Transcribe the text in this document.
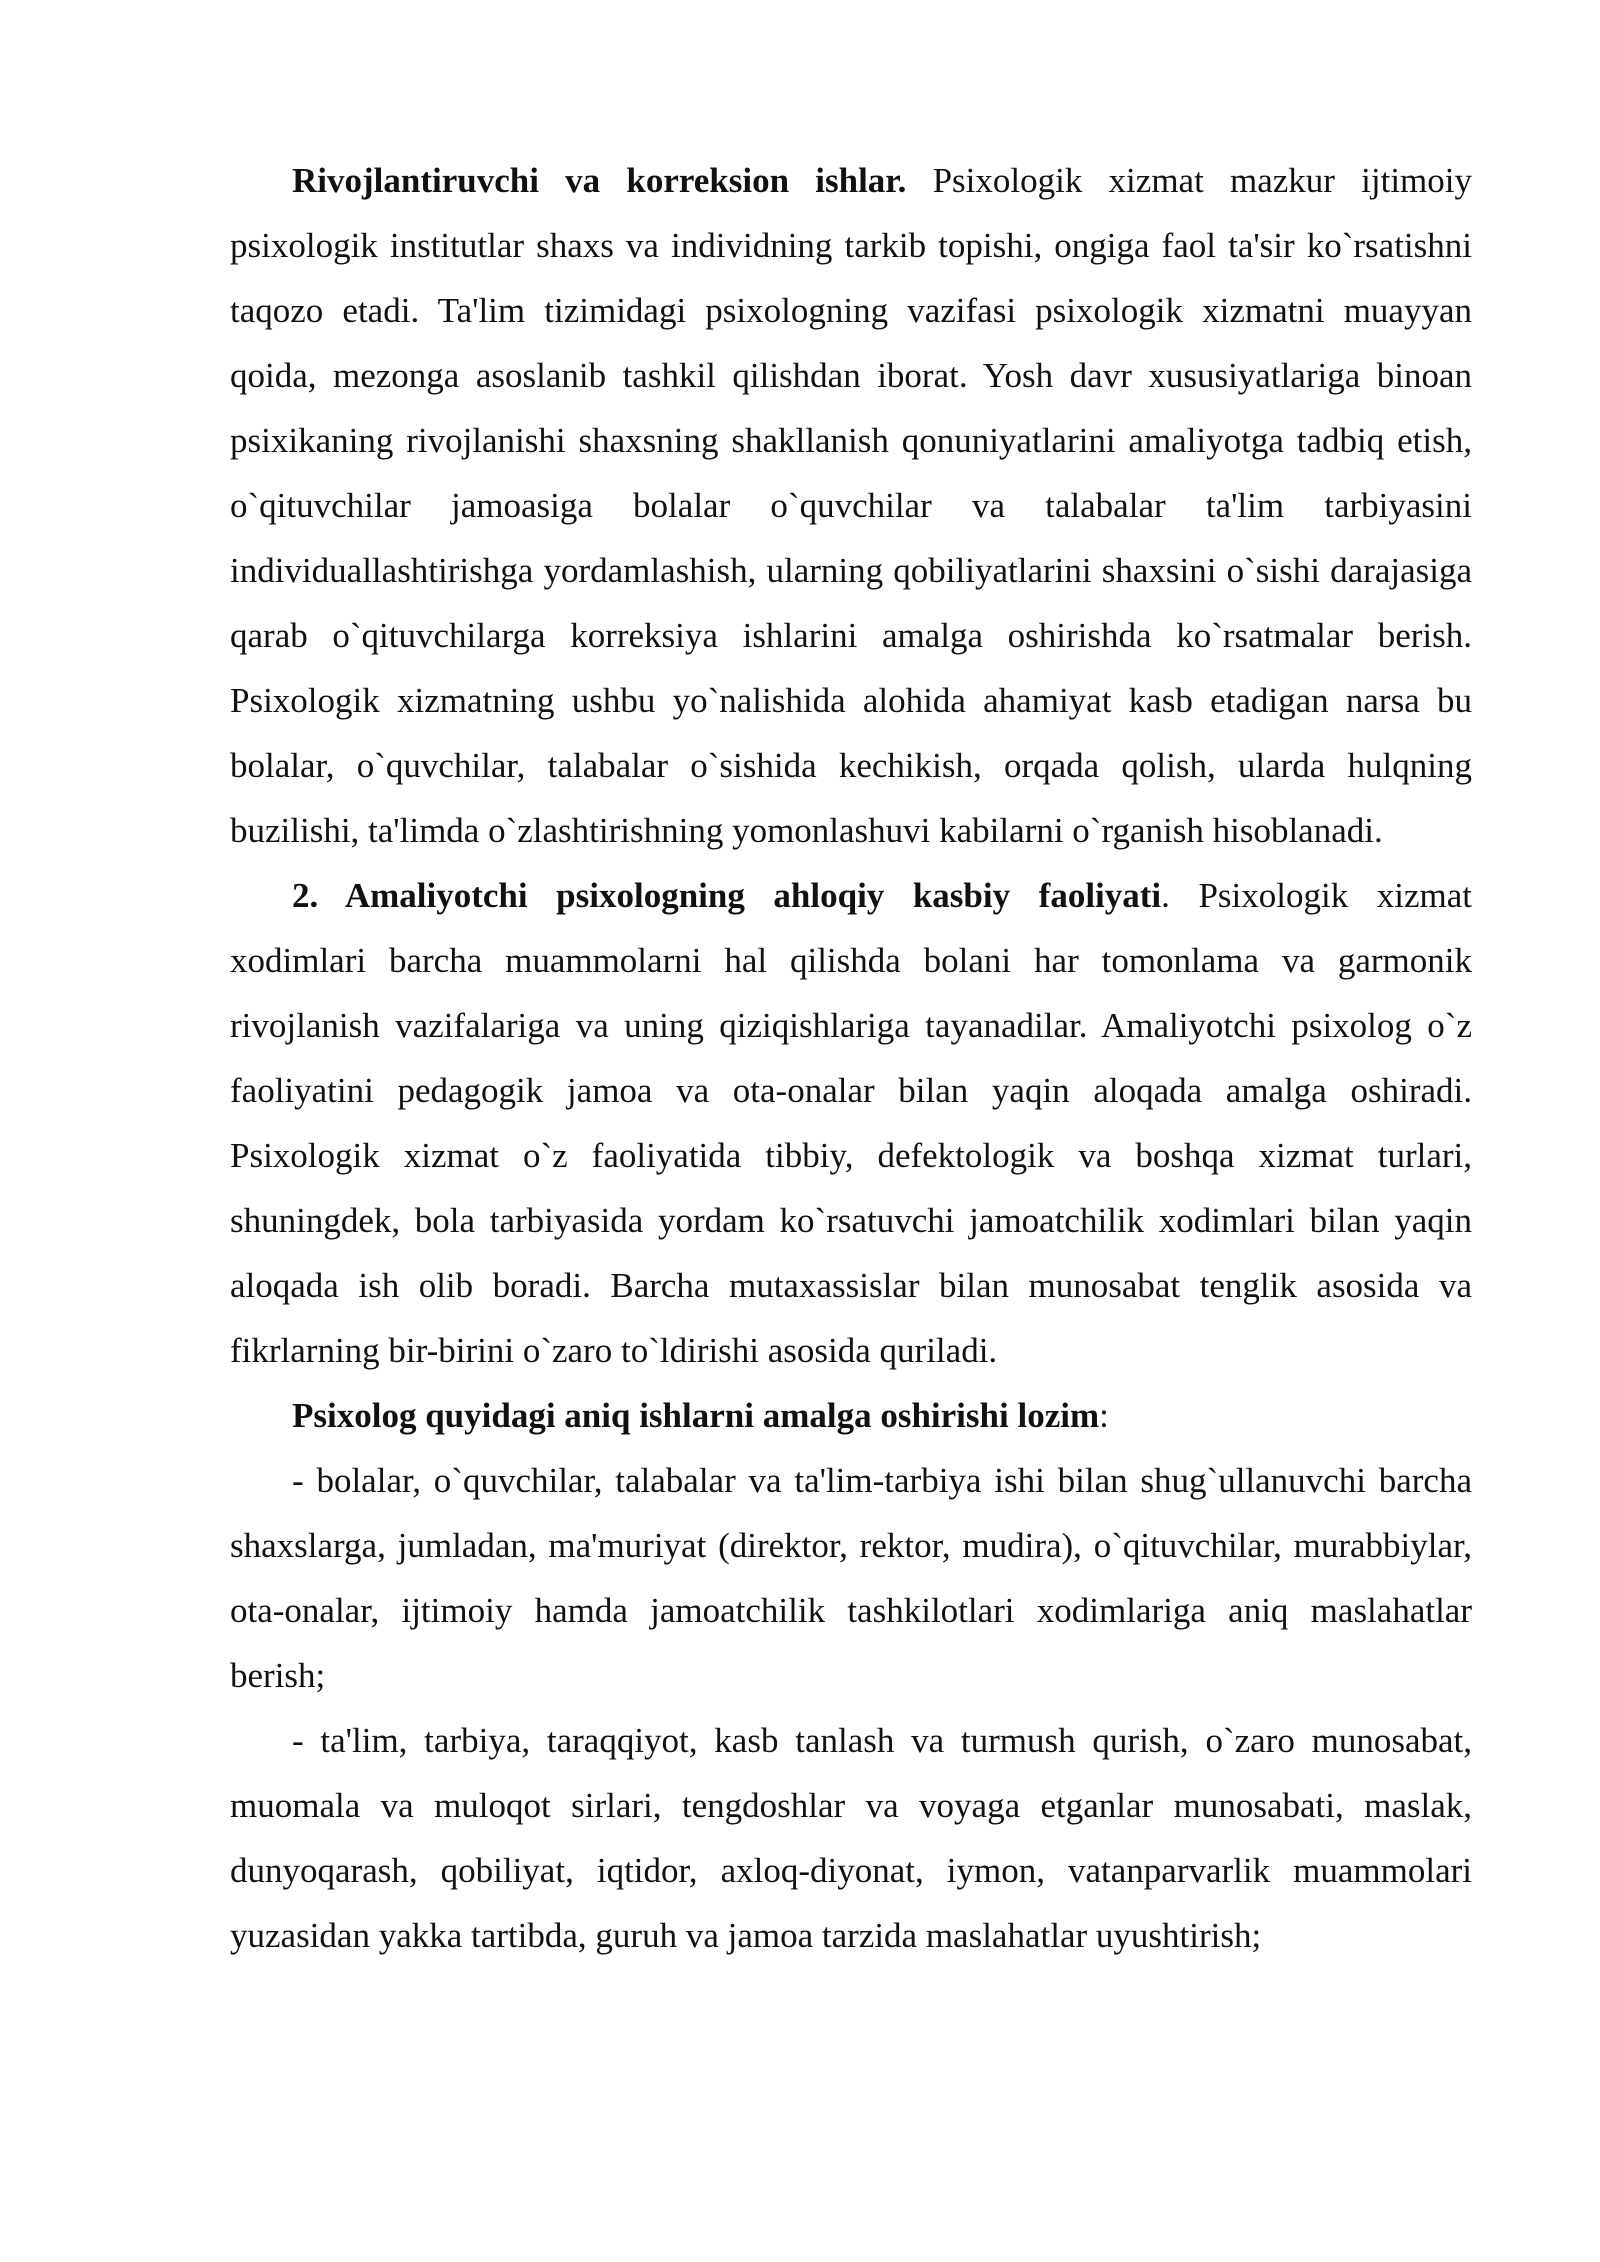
Rivojlantiruvchi va korreksion ishlar. Psixologik xizmat mazkur ijtimoiy psixologik institutlar shaxs va individning tarkib topishi, ongiga faol ta'sir ko`rsatishni taqozo etadi. Ta'lim tizimidagi psixologning vazifasi psixologik xizmatni muayyan qoida, mezonga asoslanib tashkil qilishdan iborat. Yosh davr xususiyatlariga binoan psixikaning rivojlanishi shaxsning shakllanish qonuniyatlarini amaliyotga tadbiq etish, o`qituvchilar jamoasiga bolalar o`quvchilar va talabalar ta'lim tarbiyasini individuallashtirishga yordamlashish, ularning qobiliyatlarini shaxsini o`sishi darajasiga qarab o`qituvchilarga korreksiya ishlarini amalga oshirishda ko`rsatmalar berish. Psixologik xizmatning ushbu yo`nalishida alohida ahamiyat kasb etadigan narsa bu bolalar, o`quvchilar, talabalar o`sishida kechikish, orqada qolish, ularda hulqning buzilishi, ta'limda o`zlashtirishning yomonlashuvi kabilarni o`rganish hisoblanadi.

2. Amaliyotchi psixologning ahloqiy kasbiy faoliyati. Psixologik xizmat xodimlari barcha muammolarni hal qilishda bolani har tomonlama va garmonik rivojlanish vazifalariga va uning qiziqishlariga tayanadilar. Amaliyotchi psixolog o`z faoliyatini pedagogik jamoa va ota-onalar bilan yaqin aloqada amalga oshiradi. Psixologik xizmat o`z faoliyatida tibbiy, defektologik va boshqa xizmat turlari, shuningdek, bola tarbiyasida yordam ko`rsatuvchi jamoatchilik xodimlari bilan yaqin aloqada ish olib boradi. Barcha mutaxassislar bilan munosabat tenglik asosida va fikrlarning bir-birini o`zaro to`ldirishi asosida quriladi.

Psixolog quyidagi aniq ishlarni amalga oshirishi lozim:

- bolalar, o`quvchilar, talabalar va ta'lim-tarbiya ishi bilan shug`ullanuvchi barcha shaxslarga, jumladan, ma'muriyat (direktor, rektor, mudira), o`qituvchilar, murabbiylar, ota-onalar, ijtimoiy hamda jamoatchilik tashkilotlari xodimlariga aniq maslahatlar berish;

- ta'lim, tarbiya, taraqqiyot, kasb tanlash va turmush qurish, o`zaro munosabat, muomala va muloqot sirlari, tengdoshlar va voyaga etganlar munosabati, maslak, dunyoqarash, qobiliyat, iqtidor, axloq-diyonat, iymon, vatanparvarlik muammolari yuzasidan yakka tartibda, guruh va jamoa tarzida maslahatlar uyushtirish;
